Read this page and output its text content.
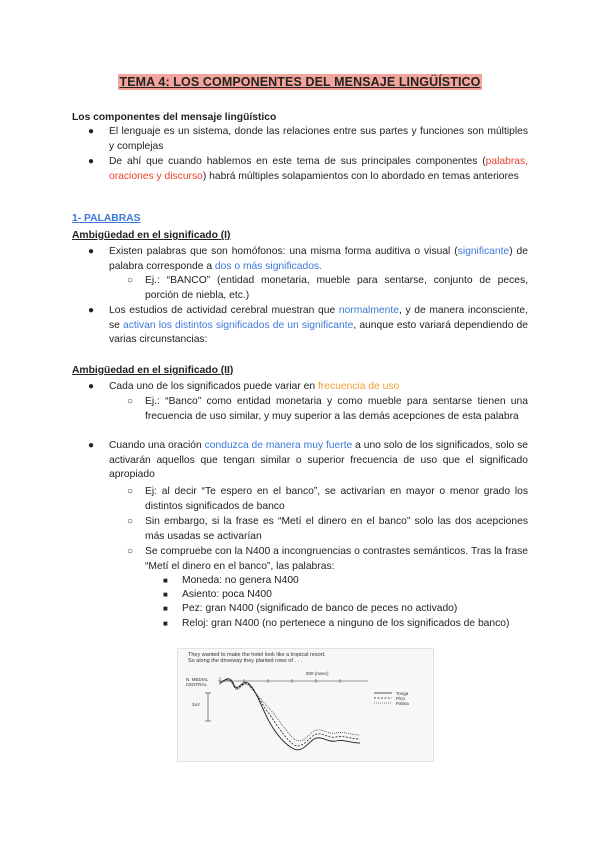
TEMA 4: LOS COMPONENTES DEL MENSAJE LINGÜÍSTICO
Los componentes del mensaje lingüístico
● El lenguaje es un sistema, donde las relaciones entre sus partes y funciones son múltiples y complejas
● De ahí que cuando hablemos en este tema de sus principales componentes (palabras, oraciones y discurso) habrá múltiples solapamientos con lo abordado en temas anteriores
1- PALABRAS
Ambigüedad en el significado (I)
● Existen palabras que son homófonos: una misma forma auditiva o visual (significante) de palabra corresponde a dos o más significados.
○ Ej.: “BANCO” (entidad monetaria, mueble para sentarse, conjunto de peces, porción de niebla, etc.)
● Los estudios de actividad cerebral muestran que normalmente, y de manera inconsciente, se activan los distintos significados de un significante, aunque esto variará dependiendo de varias circunstancias:
Ambigüedad en el significado (II)
● Cada uno de los significados puede variar en frecuencia de uso
○ Ej.: “Banco” como entidad monetaria y como mueble para sentarse tienen una frecuencia de uso similar, y muy superior a las demás acepciones de esta palabra
● Cuando una oración conduzca de manera muy fuerte a uno solo de los significados, solo se activarán aquellos que tengan similar o superior frecuencia de uso que el significado apropiado
○ Ej: al decir “Te espero en el banco”, se activarían en mayor o menor grado los distintos significados de banco
○ Sin embargo, si la frase es “Metí el dinero en el banco” solo las dos acepciones más usadas se activarían
○ Se compruebe con la N400 a incongruencias o contrastes semánticos. Tras la frase “Metí el dinero en el banco”, las palabras:
■ Moneda: no genera N400
■ Asiento: poca N400
■ Pez: gran N400 (significado de banco de peces no activado)
■ Reloj: gran N400 (no pertenece a ninguno de los significados de banco)
They wanted to make the hotel look like a tropical resort.
So along the driveway they planted rows of . . .
N. MEDIAL CENTRAL
3uV
800 (msec)
Tonga
Pino
Palma
